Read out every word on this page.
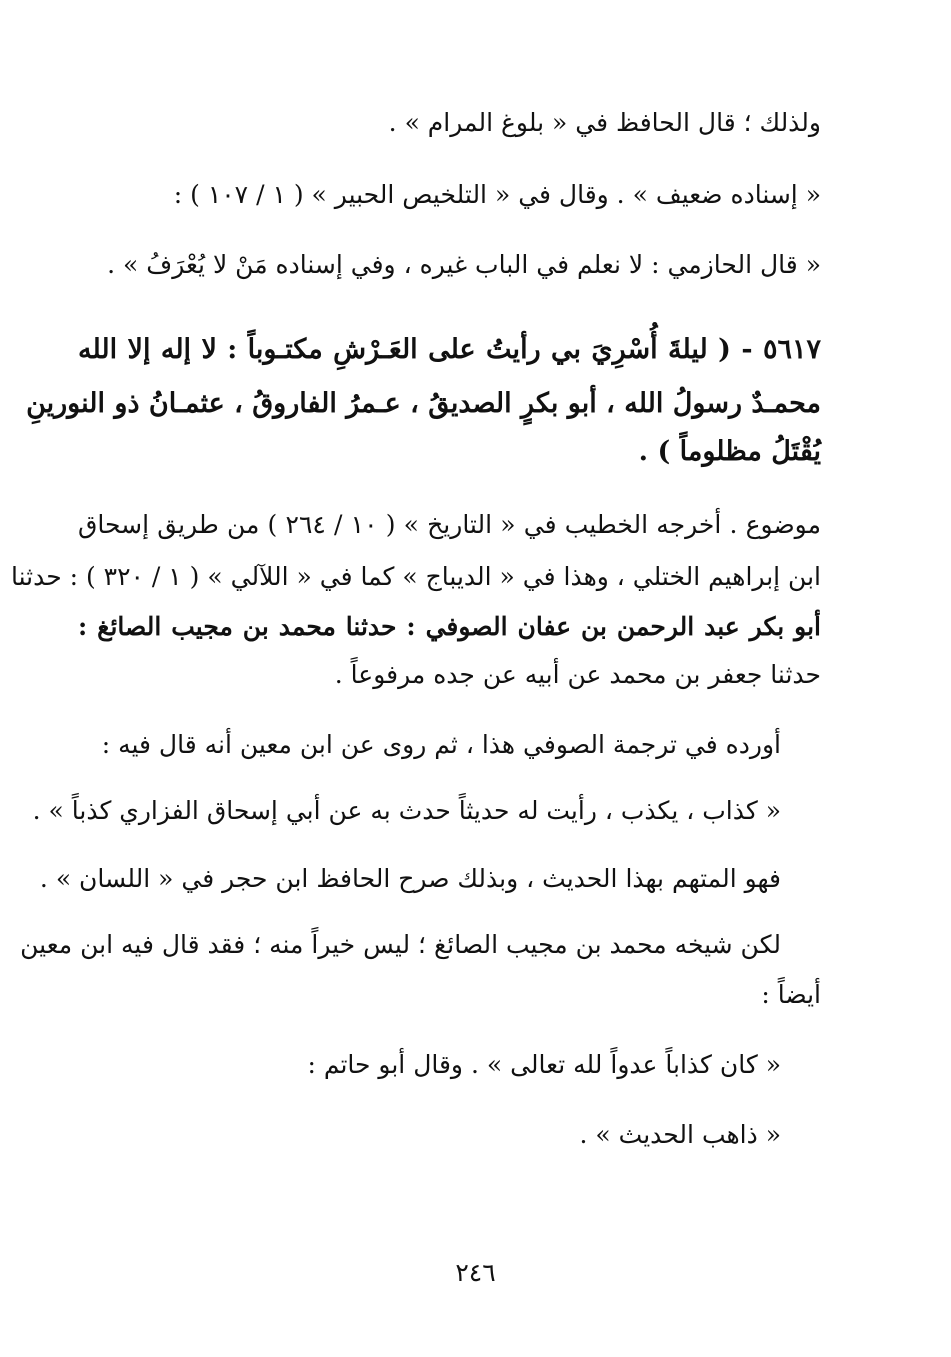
ولذلك ؛ قال الحافظ في « بلوغ المرام » .
« إسناده ضعيف » . وقال في « التلخيص الحبير » ( ١ / ١٠٧ ) :
« قال الحازمي : لا نعلم في الباب غيره ، وفي إسناده مَنْ لا يُعْرَفُ » .
٥٦١٧ - ( ليلةَ أُسْرِيَ بي رأيتُ على العَـرْشِ مكتـوباً : لا إله إلا الله
محمـدٌ رسولُ الله ، أبو بكرٍ الصديقُ ، عـمرُ الفاروقُ ، عثمـانُ ذو النورينِ
يُقْتَلُ مظلوماً ) .
موضوع . أخرجه الخطيب في « التاريخ » ( ١٠ / ٢٦٤ ) من طريق إسحاق
ابن إبراهيم الختلي ، وهذا في « الديباج » كما في « اللآلي » ( ١ / ٣٢٠ ) : حدثنا
أبو بكر عبد الرحمن بن عفان الصوفي : حدثنا محمد بن مجيب الصائغ :
حدثنا جعفر بن محمد عن أبيه عن جده مرفوعاً .
أورده في ترجمة الصوفي هذا ، ثم روى عن ابن معين أنه قال فيه :
« كذاب ، يكذب ، رأيت له حديثاً حدث به عن أبي إسحاق الفزاري كذباً » .
فهو المتهم بهذا الحديث ، وبذلك صرح الحافظ ابن حجر في « اللسان » .
لكن شيخه محمد بن مجيب الصائغ ؛ ليس خيراً منه ؛ فقد قال فيه ابن معين
أيضاً :
« كان كذاباً عدواً لله تعالى » . وقال أبو حاتم :
« ذاهب الحديث » .
٢٤٦
